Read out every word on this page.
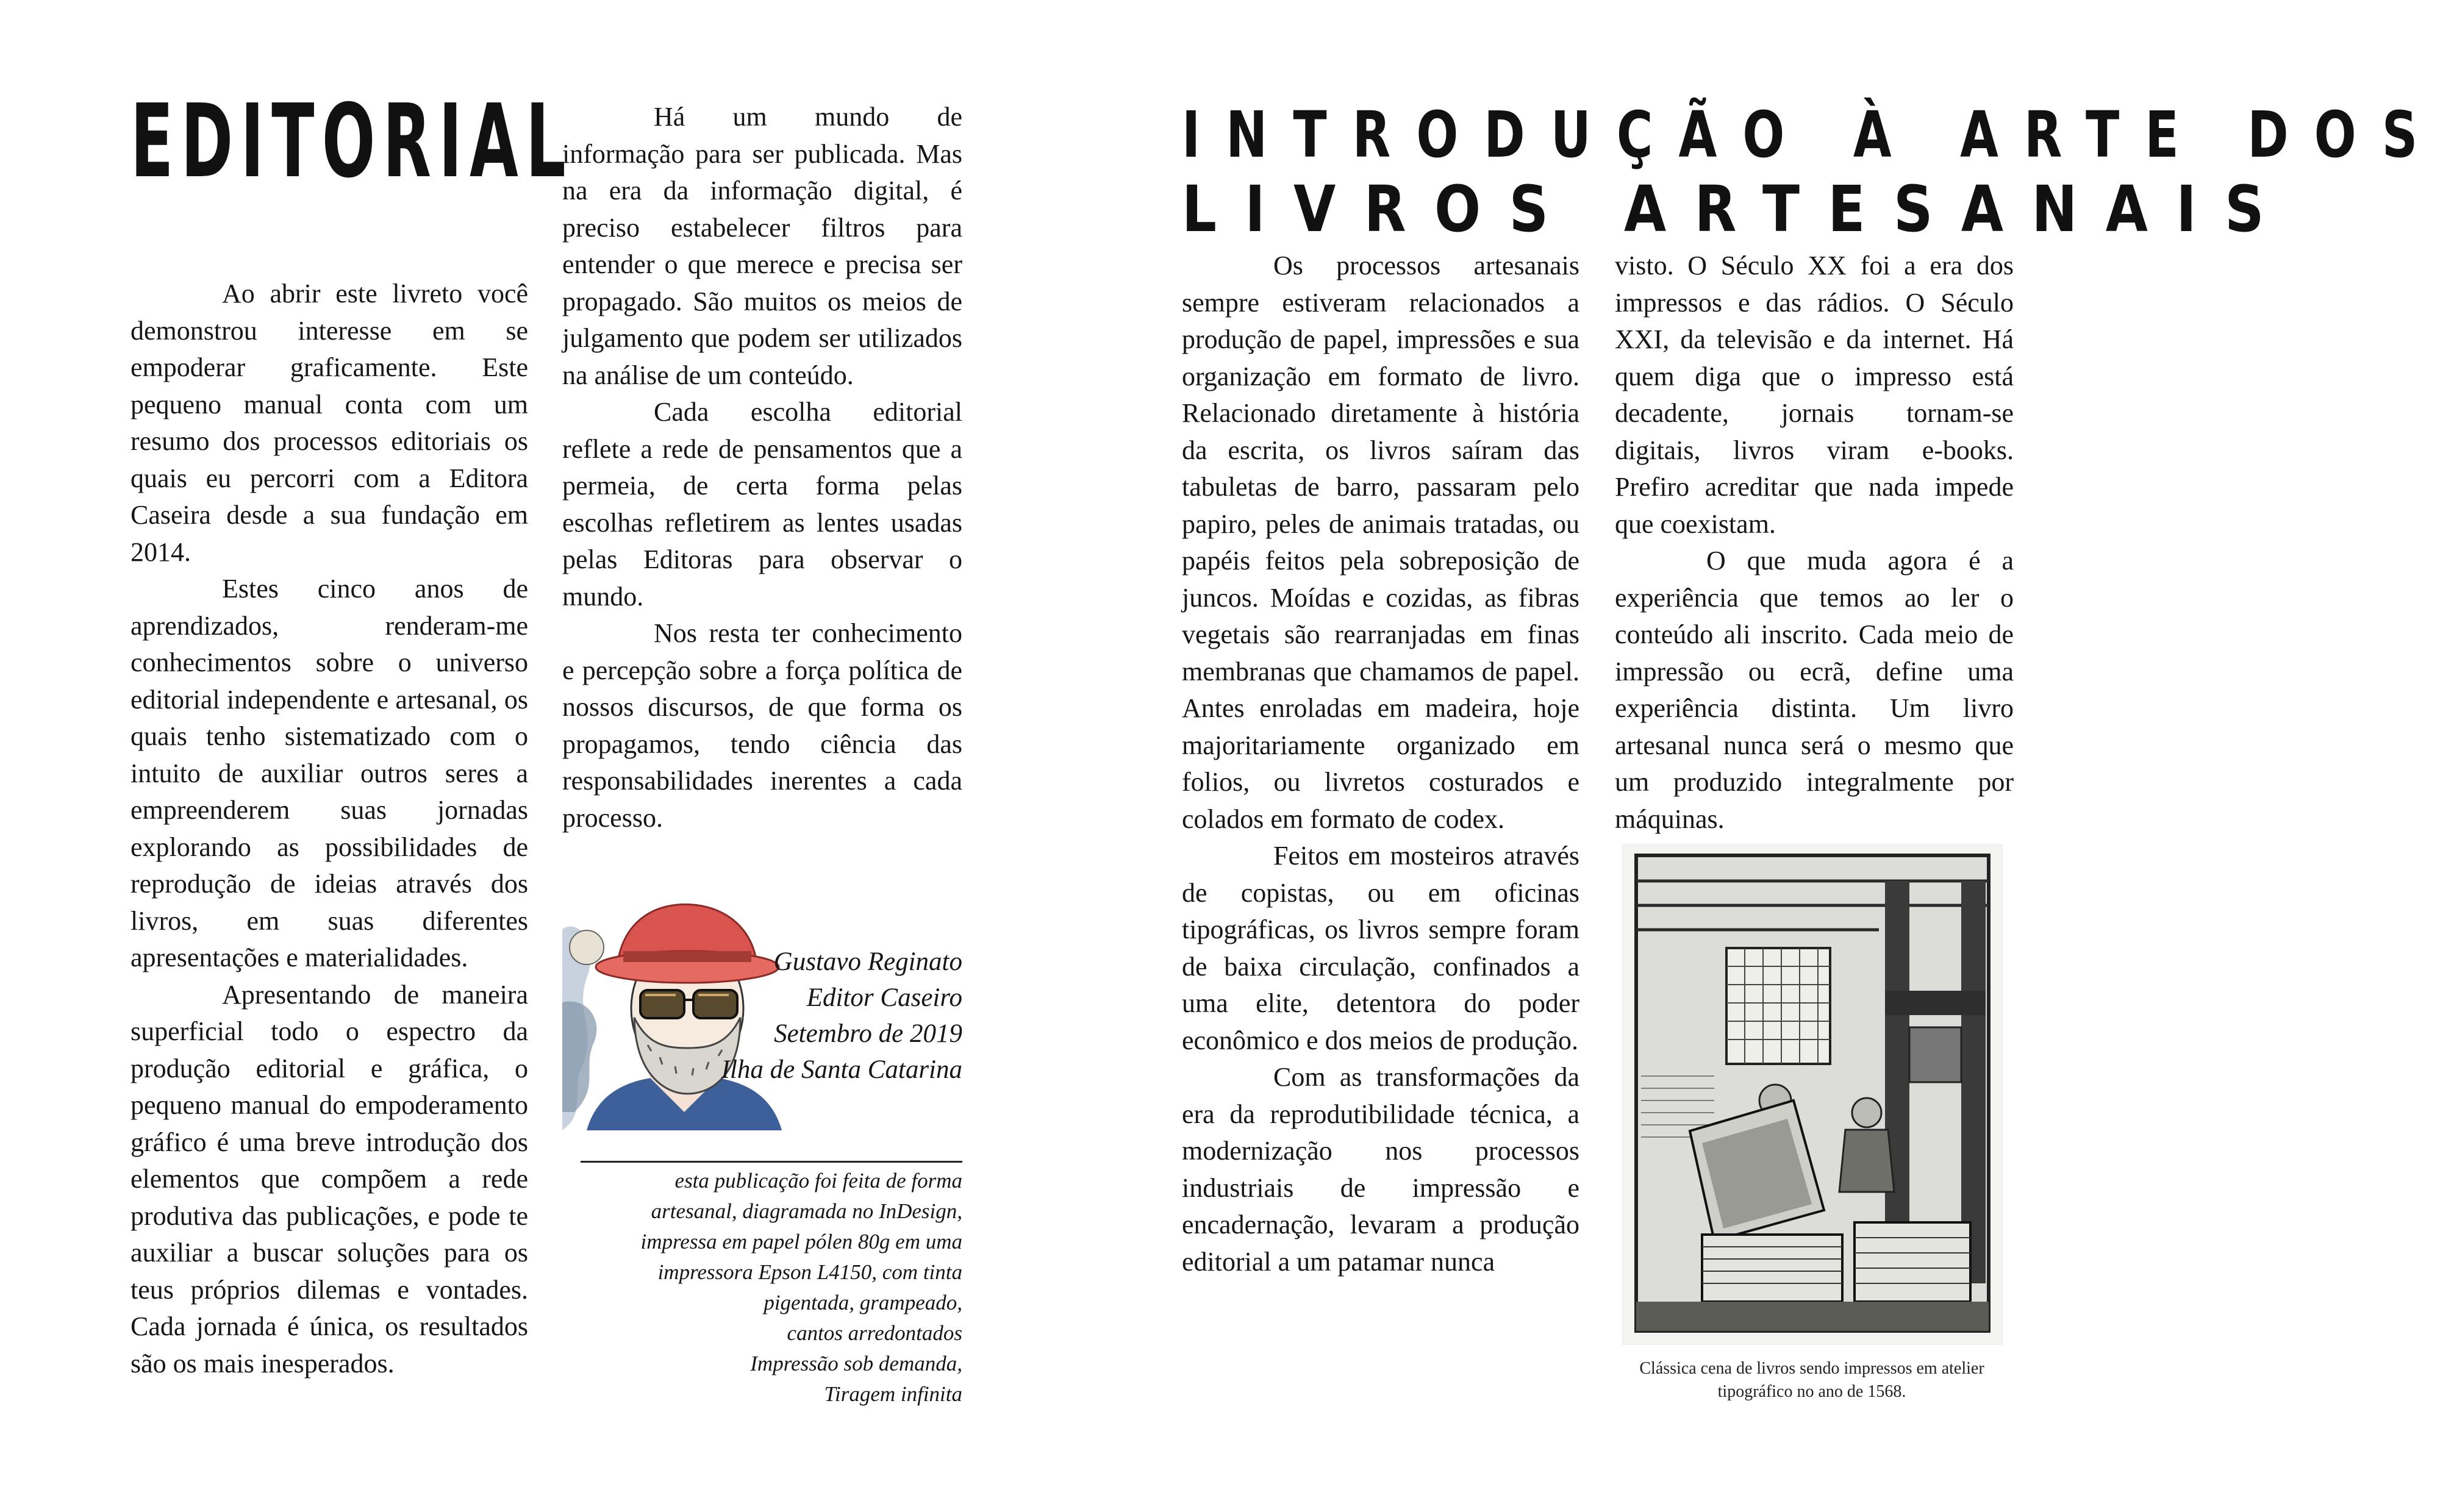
EDITORIAL

Ao abrir este livreto você demonstrou interesse em se empoderar graficamente. Este pequeno manual conta com um resumo dos processos editoriais os quais eu percorri com a Editora Caseira desde a sua fundação em 2014.

Estes cinco anos de aprendizados, renderam-me conhecimentos sobre o universo editorial independente e artesanal, os quais tenho sistematizado com o intuito de auxiliar outros seres a empreenderem suas jornadas explorando as possibilidades de reprodução de ideias através dos livros, em suas diferentes apresentações e materialidades.

Apresentando de maneira superficial todo o espectro da produção editorial e gráfica, o pequeno manual do empoderamento gráfico é uma breve introdução dos elementos que compõem a rede produtiva das publicações, e pode te auxiliar a buscar soluções para os teus próprios dilemas e vontades. Cada jornada é única, os resultados são os mais inesperados.

Há um mundo de informação para ser publicada. Mas na era da informação digital, é preciso estabelecer filtros para entender o que merece e precisa ser propagado. São muitos os meios de julgamento que podem ser utilizados na análise de um conteúdo.

Cada escolha editorial reflete a rede de pensamentos que a permeia, de certa forma pelas escolhas refletirem as lentes usadas pelas Editoras para observar o mundo.

Nos resta ter conhecimento e percepção sobre a força política de nossos discursos, de que forma os propagamos, tendo ciência das responsabilidades inerentes a cada processo.

Gustavo Reginato
Editor Caseiro
Setembro de 2019
Ilha de Santa Catarina
esta publicação foi feita de forma
artesanal, diagramada no InDesign,
impressa em papel pólen 80g em uma
impressora Epson L4150, com tinta
pigentada, grampeado,
cantos arredontados
Impressão sob demanda,
Tiragem infinita
INTRODUÇÃO À ARTE DOS
LIVROS ARTESANAIS

Os processos artesanais sempre estiveram relacionados a produção de papel, impressões e sua organização em formato de livro. Relacionado diretamente à história da escrita, os livros saíram das tabuletas de barro, passaram pelo papiro, peles de animais tratadas, ou papéis feitos pela sobreposição de juncos. Moídas e cozidas, as fibras vegetais são rearranjadas em finas membranas que chamamos de papel. Antes enroladas em madeira, hoje majoritariamente organizado em folios, ou livretos costurados e colados em formato de codex.

Feitos em mosteiros através de copistas, ou em oficinas tipográficas, os livros sempre foram de baixa circulação, confinados a uma elite, detentora do poder econômico e dos meios de produção.

Com as transformações da era da reprodutibilidade técnica, a modernização nos processos industriais de impressão e encadernação, levaram a produção editorial a um patamar nunca

visto. O Século XX foi a era dos impressos e das rádios. O Século XXI, da televisão e da internet. Há quem diga que o impresso está decadente, jornais tornam-se digitais, livros viram e-books. Prefiro acreditar que nada impede que coexistam.

O que muda agora é a experiência que temos ao ler o conteúdo ali inscrito. Cada meio de impressão ou ecrã, define uma experiência distinta. Um livro artesanal nunca será o mesmo que um produzido integralmente por máquinas.

Clássica cena de livros sendo impressos em atelier tipográfico no ano de 1568.
